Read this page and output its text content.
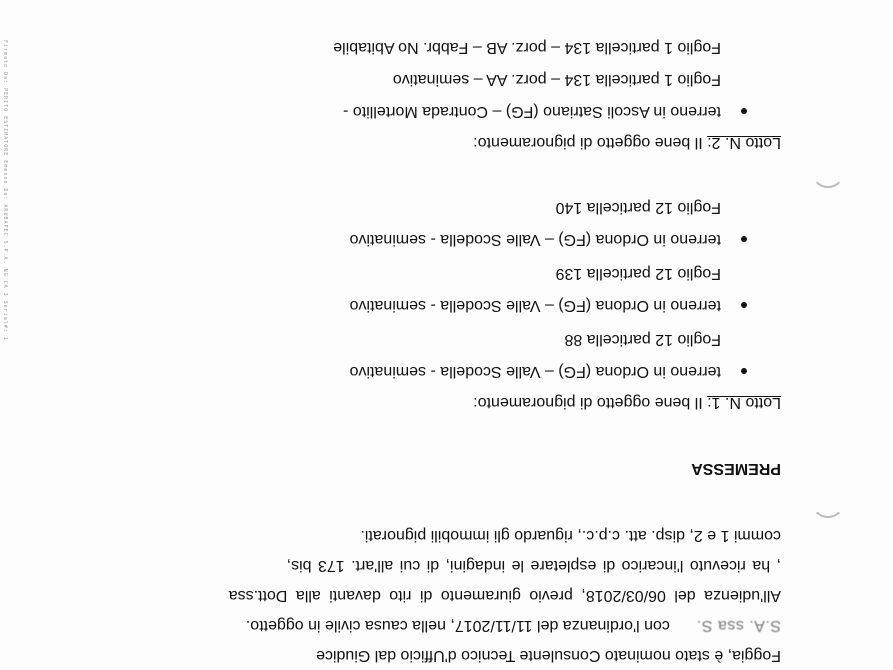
Foggia, è stato nominato Consulente Tecnico d'Ufficio dal Giudice
S.A. ssa S. con l'ordinanza del 11/11/2017, nella causa civile in oggetto.
All'udienza del 06/03/2018, previo giuramento di rito davanti alla Dott.ssa
, ha ricevuto l'incarico di espletare le indagini, di cui all'art. 173 bis,
commi 1 e 2, disp. att. c.p.c., riguardo gli immobili pignorati.
PREMESSA
Lotto N. 1: Il bene oggetto di pignoramento:
terreno in Ordona (FG) – Valle Scodella - seminativo
Foglio 12 particella 88
terreno in Ordona (FG) – Valle Scodella - seminativo
Foglio 12 particella 139
terreno in Ordona (FG) – Valle Scodella - seminativo
Foglio 12 particella 140
Lotto N. 2: Il bene oggetto di pignoramento:
terreno in Ascoli Satriano (FG) – Contrada Mortellito -
Foglio 1 particella 134 – porz. AA – seminativo
Foglio 1 particella 134 – porz. AB – Fabbr. No Abitabile
Firmato Da: PERITO ESTIMATORE Emesso Da: ARUBAPEC S.P.A. NG CA 3 Serial#: 1
